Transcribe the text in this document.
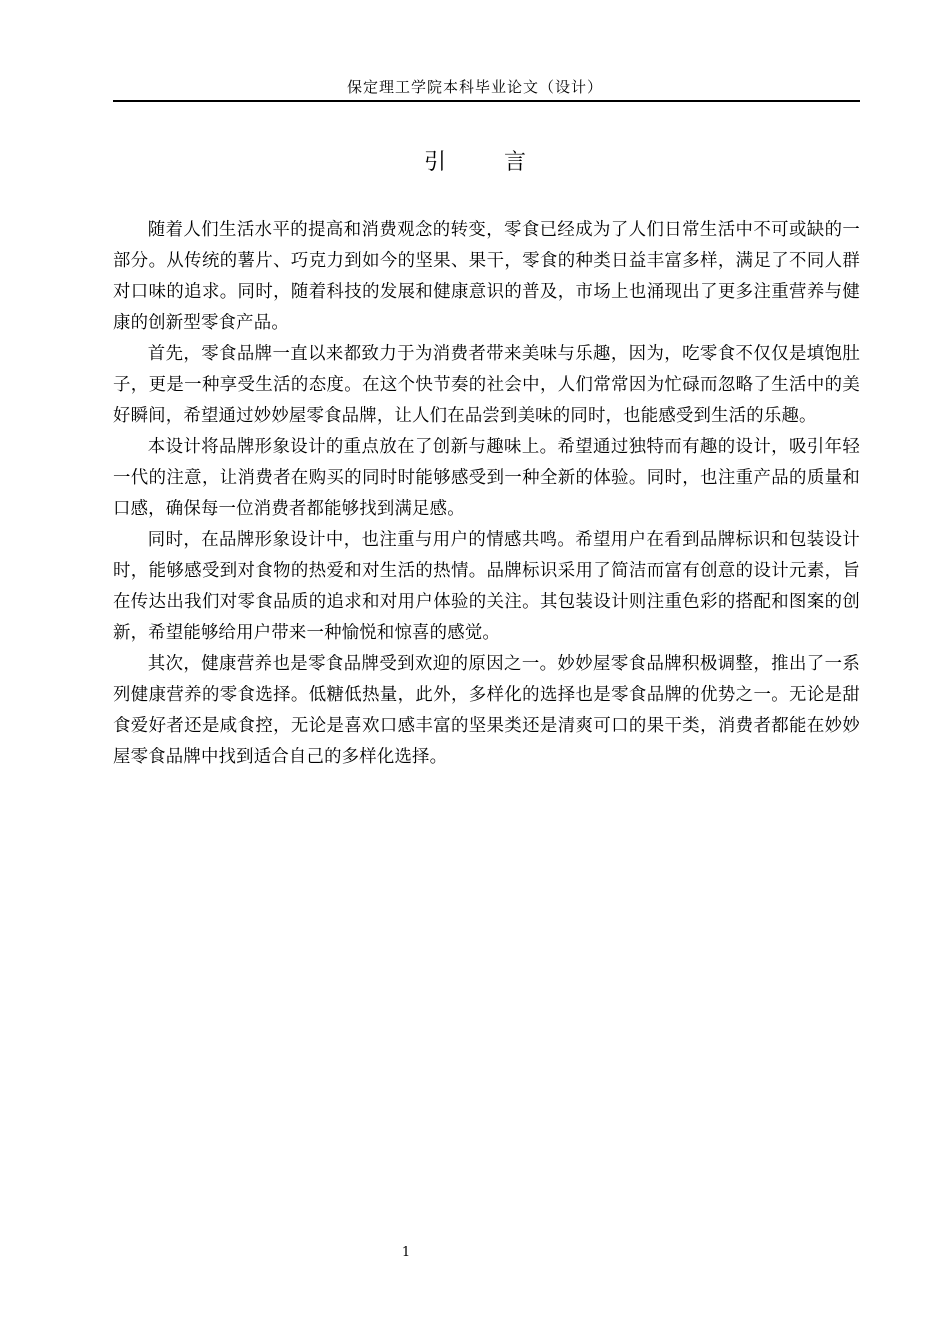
保定理工学院本科毕业论文（设计）
引	言

随着人们生活水平的提高和消费观念的转变，零食已经成为了人们日常生活中不可或缺的一部分。从传统的薯片、巧克力到如今的坚果、果干，零食的种类日益丰富多样，满足了不同人群对口味的追求。同时，随着科技的发展和健康意识的普及，市场上也涌现出了更多注重营养与健康的创新型零食产品。

首先，零食品牌一直以来都致力于为消费者带来美味与乐趣，因为，吃零食不仅仅是填饱肚子，更是一种享受生活的态度。在这个快节奏的社会中，人们常常因为忙碌而忽略了生活中的美好瞬间，希望通过妙妙屋零食品牌，让人们在品尝到美味的同时，也能感受到生活的乐趣。

本设计将品牌形象设计的重点放在了创新与趣味上。希望通过独特而有趣的设计，吸引年轻一代的注意，让消费者在购买的同时时能够感受到一种全新的体验。同时，也注重产品的质量和口感，确保每一位消费者都能够找到满足感。

同时，在品牌形象设计中，也注重与用户的情感共鸣。希望用户在看到品牌标识和包装设计时，能够感受到对食物的热爱和对生活的热情。品牌标识采用了简洁而富有创意的设计元素，旨在传达出我们对零食品质的追求和对用户体验的关注。其包装设计则注重色彩的搭配和图案的创新，希望能够给用户带来一种愉悦和惊喜的感觉。

其次，健康营养也是零食品牌受到欢迎的原因之一。妙妙屋零食品牌积极调整，推出了一系列健康营养的零食选择。低糖低热量，此外，多样化的选择也是零食品牌的优势之一。无论是甜食爱好者还是咸食控，无论是喜欢口感丰富的坚果类还是清爽可口的果干类，消费者都能在妙妙屋零食品牌中找到适合自己的多样化选择。

1
